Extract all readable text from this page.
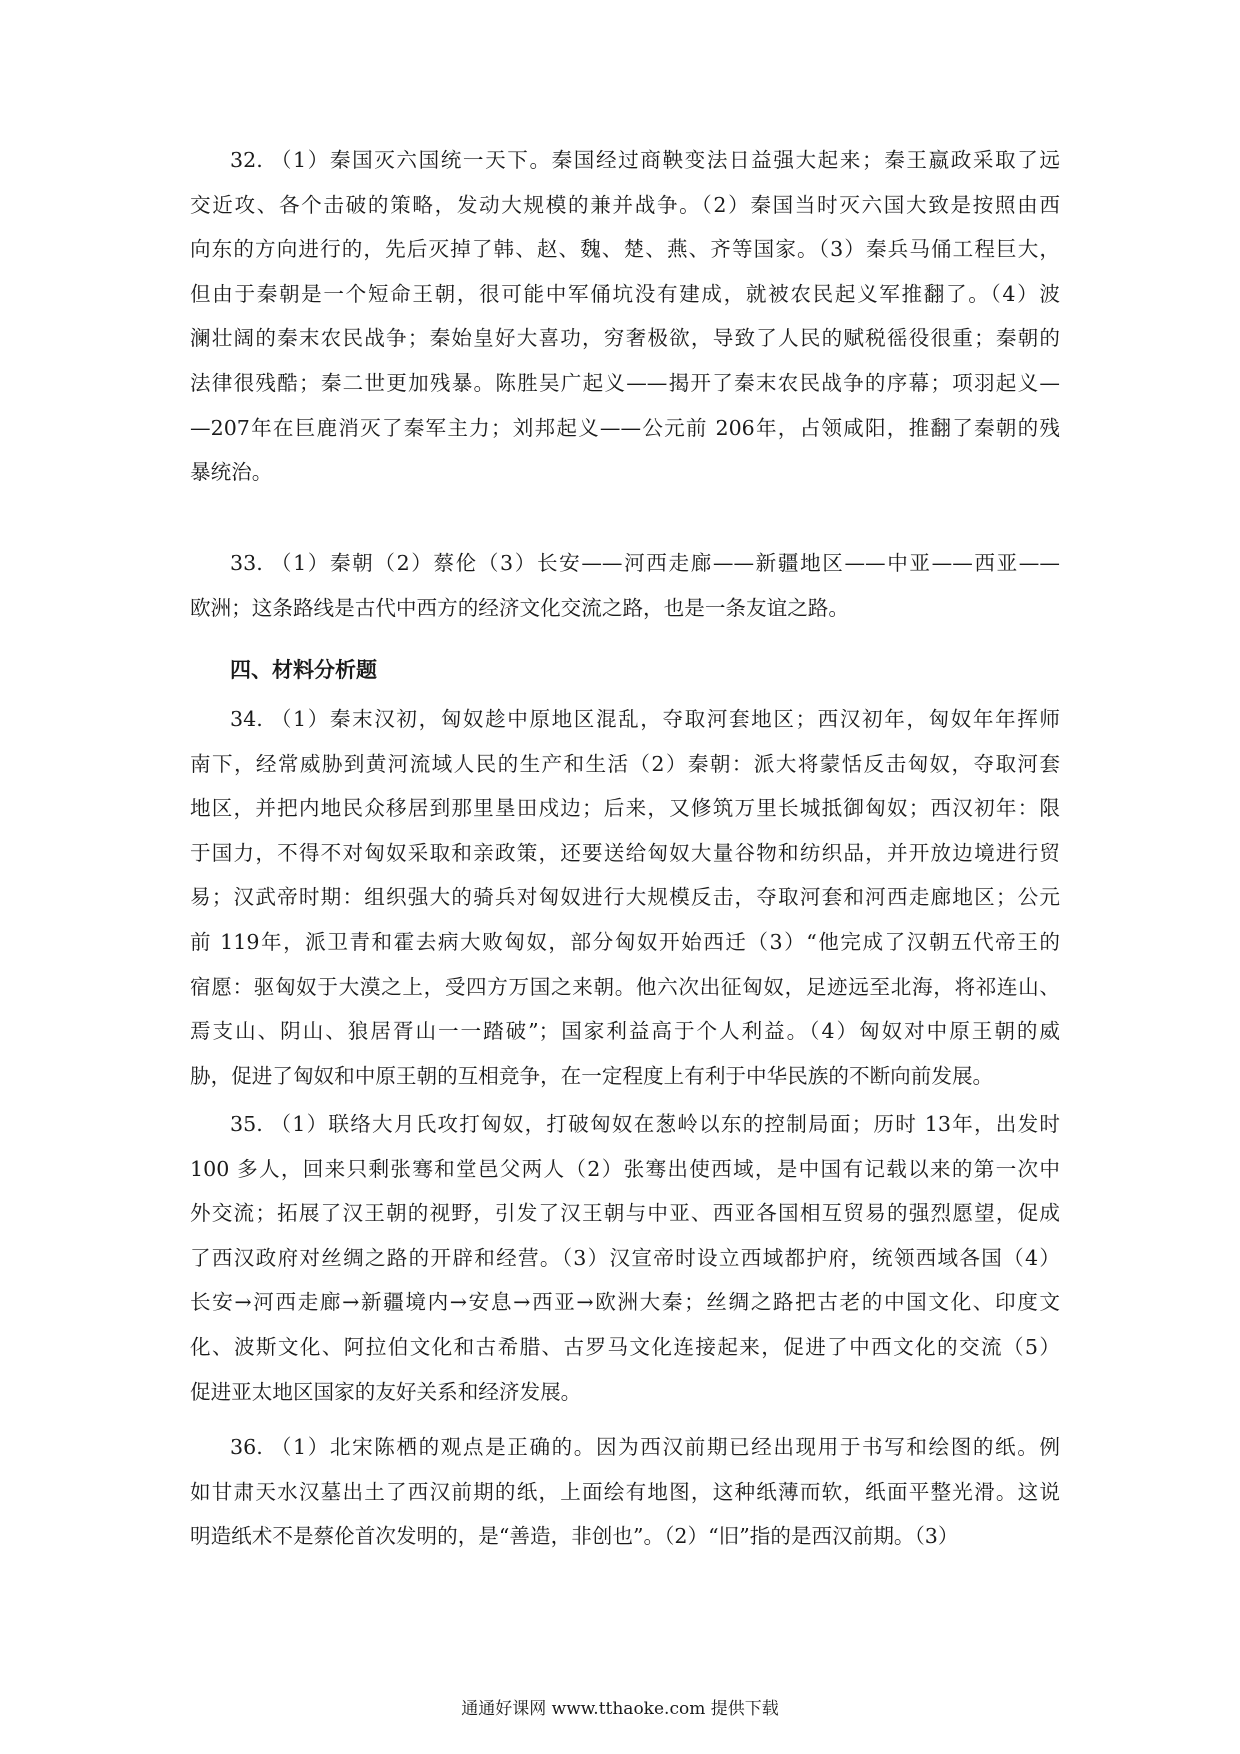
32. （1）秦国灭六国统一天下。秦国经过商鞅变法日益强大起来；秦王嬴政采取了远
交近攻、各个击破的策略，发动大规模的兼并战争。（2）秦国当时灭六国大致是按照由西
向东的方向进行的，先后灭掉了韩、赵、魏、楚、燕、齐等国家。（3）秦兵马俑工程巨大，
但由于秦朝是一个短命王朝，很可能中军俑坑没有建成，就被农民起义军推翻了。（4）波
澜壮阔的秦末农民战争；秦始皇好大喜功，穷奢极欲，导致了人民的赋税徭役很重；秦朝的
法律很残酷；秦二世更加残暴。陈胜吴广起义——揭开了秦末农民战争的序幕；项羽起义—
—207年在巨鹿消灭了秦军主力；刘邦起义——公元前 206年，占领咸阳，推翻了秦朝的残
暴统治。
33. （1）秦朝（2）蔡伦（3）长安——河西走廊——新疆地区——中亚——西亚——
欧洲；这条路线是古代中西方的经济文化交流之路，也是一条友谊之路。
34. （1）秦末汉初，匈奴趁中原地区混乱，夺取河套地区；西汉初年，匈奴年年挥师
南下，经常威胁到黄河流域人民的生产和生活（2）秦朝：派大将蒙恬反击匈奴，夺取河套
地区，并把内地民众移居到那里垦田戍边；后来，又修筑万里长城抵御匈奴；西汉初年：限
于国力，不得不对匈奴采取和亲政策，还要送给匈奴大量谷物和纺织品，并开放边境进行贸
易；汉武帝时期：组织强大的骑兵对匈奴进行大规模反击，夺取河套和河西走廊地区；公元
前 119年，派卫青和霍去病大败匈奴，部分匈奴开始西迁（3）“他完成了汉朝五代帝王的
宿愿：驱匈奴于大漠之上，受四方万国之来朝。他六次出征匈奴，足迹远至北海，将祁连山、
焉支山、阴山、狼居胥山一一踏破”；国家利益高于个人利益。（4）匈奴对中原王朝的威
胁，促进了匈奴和中原王朝的互相竞争，在一定程度上有利于中华民族的不断向前发展。
35. （1）联络大月氏攻打匈奴，打破匈奴在葱岭以东的控制局面；历时 13年，出发时
100 多人，回来只剩张骞和堂邑父两人（2）张骞出使西域，是中国有记载以来的第一次中
外交流；拓展了汉王朝的视野，引发了汉王朝与中亚、西亚各国相互贸易的强烈愿望，促成
了西汉政府对丝绸之路的开辟和经营。（3）汉宣帝时设立西域都护府，统领西域各国（4）
长安→河西走廊→新疆境内→安息→西亚→欧洲大秦；丝绸之路把古老的中国文化、印度文
化、波斯文化、阿拉伯文化和古希腊、古罗马文化连接起来，促进了中西文化的交流（5）
促进亚太地区国家的友好关系和经济发展。
36. （1）北宋陈栖的观点是正确的。因为西汉前期已经出现用于书写和绘图的纸。例
如甘肃天水汉墓出土了西汉前期的纸，上面绘有地图，这种纸薄而软，纸面平整光滑。这说
明造纸术不是蔡伦首次发明的，是“善造，非创也”。（2）“旧”指的是西汉前期。（3）
四、材料分析题
通通好课网 www.tthaoke.com 提供下载
